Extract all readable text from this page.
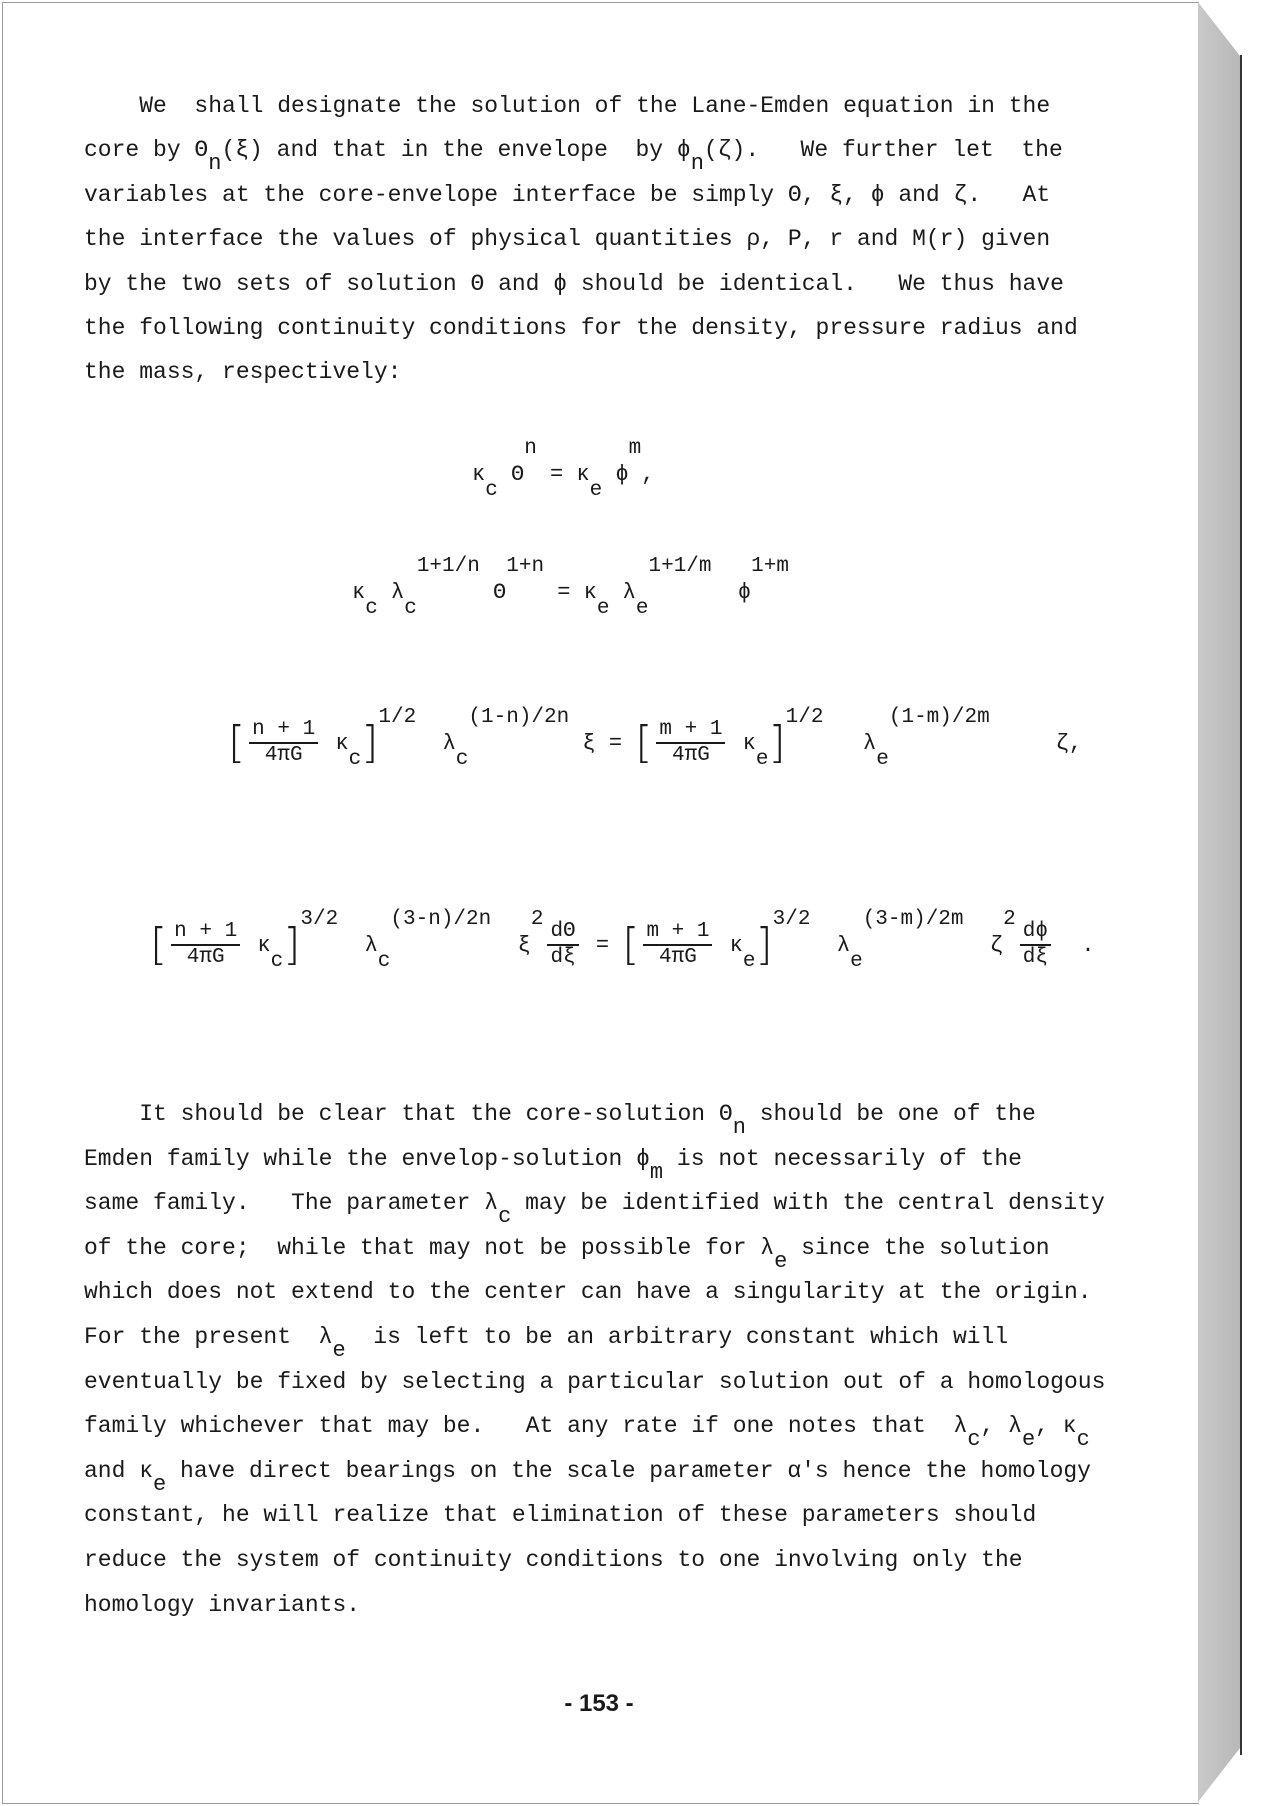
We  shall designate the solution of the Lane-Emden equation in the
core by Θn(ξ) and that in the envelope  by ϕn(ζ).   We further let  the
variables at the core-envelope interface be simply Θ, ξ, ϕ and ζ.   At
the interface the values of physical quantities ρ, P, r and M(r) given
by the two sets of solution Θ and ϕ should be identical.   We thus have
the following continuity conditions for the density, pressure radius and
the mass, respectively:
κ
c
Θ
n
= κ
e
ϕ
m
,
κ
c
λ
c
1+1/n
Θ
1+n
= κ
e
λ
e
1+1/m
ϕ
1+m
[ $\frac{n + 1}{4\pi G}$ κ
c ] 1/2
λ
c
(1-n)/2n
ξ = [ $\frac{m + 1}{4\pi G}$ κ
e ] 1/2
λ
e
(1-m)/2m
ζ,
[ $\frac{n + 1}{4\pi G}$ κ
c ] 3/2
λ
c
(3-n)/2n
ξ
2
$\frac{d\Theta}{d\xi}$ = [ $\frac{m + 1}{4\pi G}$ κ
e ] 3/2
λ
e
(3-m)/2m
ζ
2
$\frac{d\phi}{d\xi}$ .
It should be clear that the core-solution Θn should be one of the
Emden family while the envelop-solution ϕm is not necessarily of the
same family.   The parameter λc may be identified with the central density
of the core;  while that may not be possible for λe since the solution
which does not extend to the center can have a singularity at the origin.
For the present  λe  is left to be an arbitrary constant which will
eventually be fixed by selecting a particular solution out of a homologous
family whichever that may be.   At any rate if one notes that  λc, λe, κc
and κe have direct bearings on the scale parameter α's hence the homology
constant, he will realize that elimination of these parameters should
reduce the system of continuity conditions to one involving only the
homology invariants.
- 153 -
